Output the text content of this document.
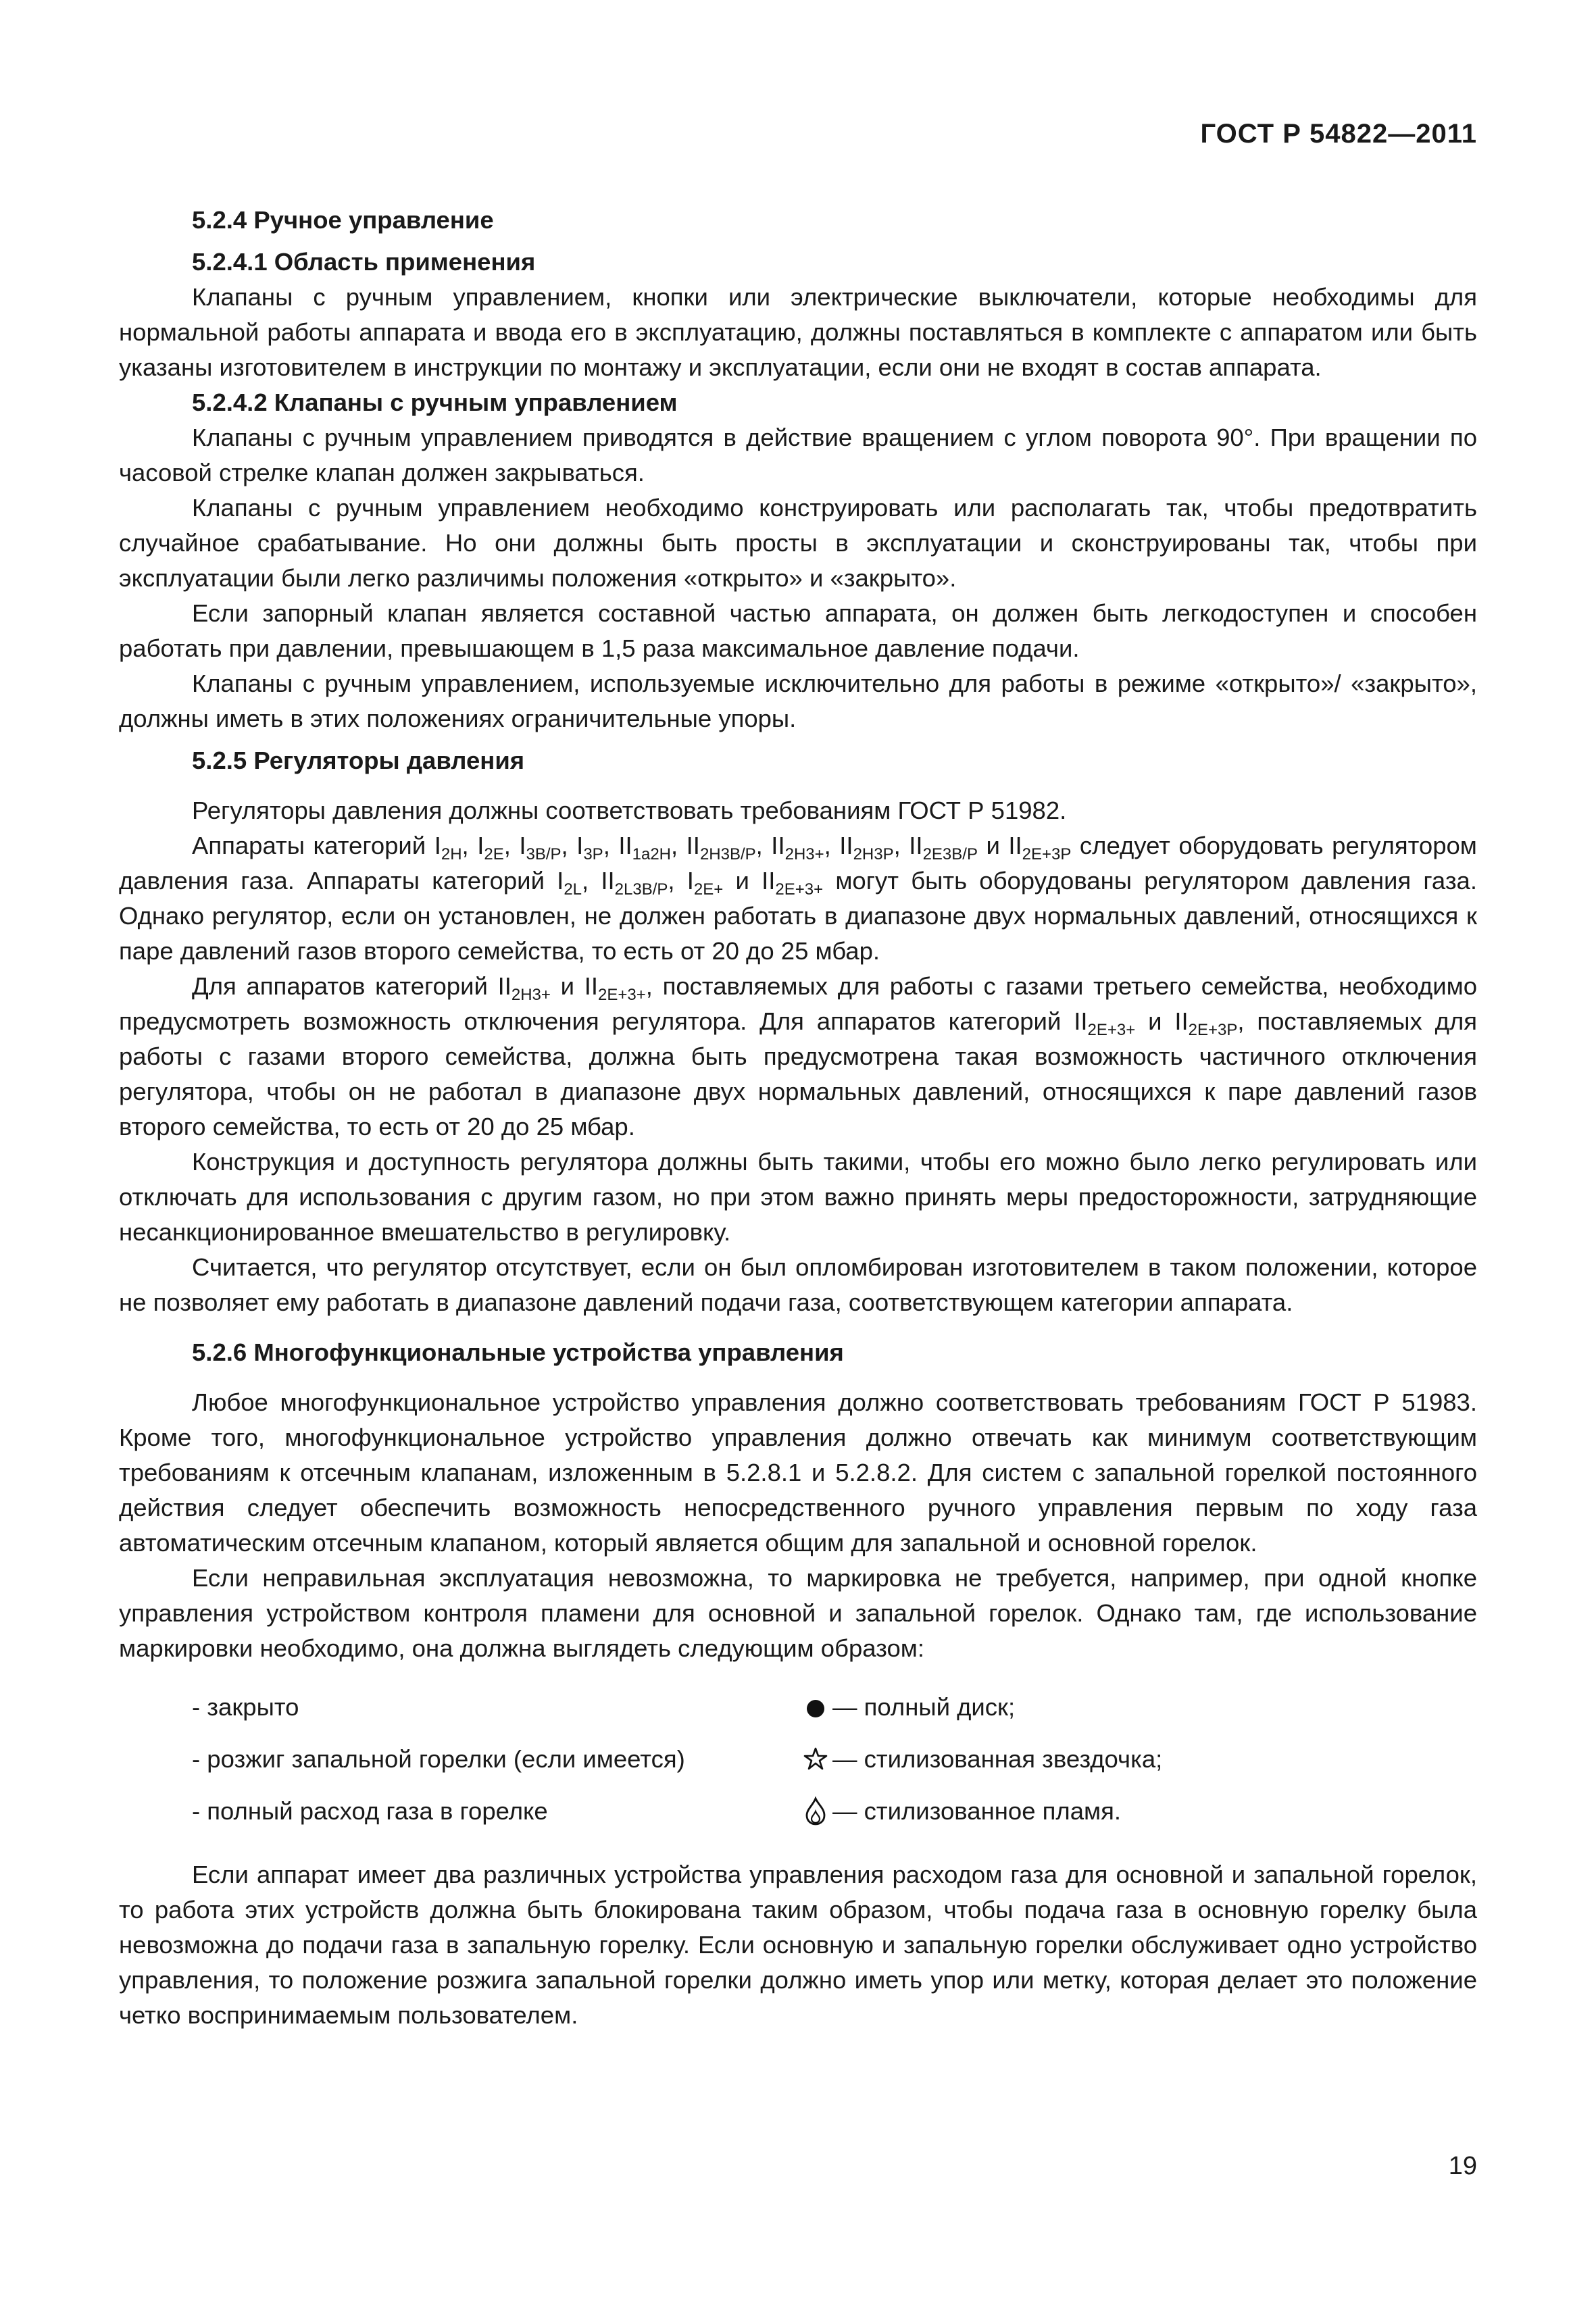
ГОСТ Р 54822—2011

5.2.4 Ручное управление

5.2.4.1 Область применения

Клапаны с ручным управлением, кнопки или электрические выключатели, которые необходимы для нормальной работы аппарата и ввода его в эксплуатацию, должны поставляться в комплекте с аппаратом или быть указаны изготовителем в инструкции по монтажу и эксплуатации, если они не входят в состав аппарата.

5.2.4.2 Клапаны с ручным управлением

Клапаны с ручным управлением приводятся в действие вращением с углом поворота 90°. При вращении по часовой стрелке клапан должен закрываться.

Клапаны с ручным управлением необходимо конструировать или располагать так, чтобы предотвратить случайное срабатывание. Но они должны быть просты в эксплуатации и сконструированы так, чтобы при эксплуатации были легко различимы положения «открыто» и «закрыто».

Если запорный клапан является составной частью аппарата, он должен быть легкодоступен и способен работать при давлении, превышающем в 1,5 раза максимальное давление подачи.

Клапаны с ручным управлением, используемые исключительно для работы в режиме «открыто»/ «закрыто», должны иметь в этих положениях ограничительные упоры.

5.2.5 Регуляторы давления

Регуляторы давления должны соответствовать требованиям ГОСТ Р 51982.

Аппараты категорий $I_{2H}$, $I_{2E}$, $I_{3B/P}$, $I_{3P}$, $II_{1a2H}$, $II_{2H3B/P}$, $II_{2H3+}$, $II_{2H3P}$, $II_{2E3B/P}$ и $II_{2E+3P}$ следует оборудовать регулятором давления газа. Аппараты категорий $I_{2L}$, $II_{2L3B/P}$, $I_{2E+}$ и $II_{2E+3+}$ могут быть оборудованы регулятором давления газа. Однако регулятор, если он установлен, не должен работать в диапазоне двух нормальных давлений, относящихся к паре давлений газов второго семейства, то есть от 20 до 25 мбар.

Для аппаратов категорий $II_{2H3+}$ и $II_{2E+3+}$, поставляемых для работы с газами третьего семейства, необходимо предусмотреть возможность отключения регулятора. Для аппаратов категорий $II_{2E+3+}$ и $II_{2E+3P}$, поставляемых для работы с газами второго семейства, должна быть предусмотрена такая возможность частичного отключения регулятора, чтобы он не работал в диапазоне двух нормальных давлений, относящихся к паре давлений газов второго семейства, то есть от 20 до 25 мбар.

Конструкция и доступность регулятора должны быть такими, чтобы его можно было легко регулировать или отключать для использования с другим газом, но при этом важно принять меры предосторожности, затрудняющие несанкционированное вмешательство в регулировку.

Считается, что регулятор отсутствует, если он был опломбирован изготовителем в таком положении, которое не позволяет ему работать в диапазоне давлений подачи газа, соответствующем категории аппарата.

5.2.6 Многофункциональные устройства управления

Любое многофункциональное устройство управления должно соответствовать требованиям ГОСТ Р 51983. Кроме того, многофункциональное устройство управления должно отвечать как минимум соответствующим требованиям к отсечным клапанам, изложенным в 5.2.8.1 и 5.2.8.2. Для систем с запальной горелкой постоянного действия следует обеспечить возможность непосредственного ручного управления первым по ходу газа автоматическим отсечным клапаном, который является общим для запальной и основной горелок.

Если неправильная эксплуатация невозможна, то маркировка не требуется, например, при одной кнопке управления устройством контроля пламени для основной и запальной горелок. Однако там, где использование маркировки необходимо, она должна выглядеть следующим образом:

- закрыто	— полный диск;
- розжиг запальной горелки (если имеется)	— стилизованная звездочка;
- полный расход газа в горелке	— стилизованное пламя.

Если аппарат имеет два различных устройства управления расходом газа для основной и запальной горелок, то работа этих устройств должна быть блокирована таким образом, чтобы подача газа в основную горелку была невозможна до подачи газа в запальную горелку. Если основную и запальную горелки обслуживает одно устройство управления, то положение розжига запальной горелки должно иметь упор или метку, которая делает это положение четко воспринимаемым пользователем.

19
